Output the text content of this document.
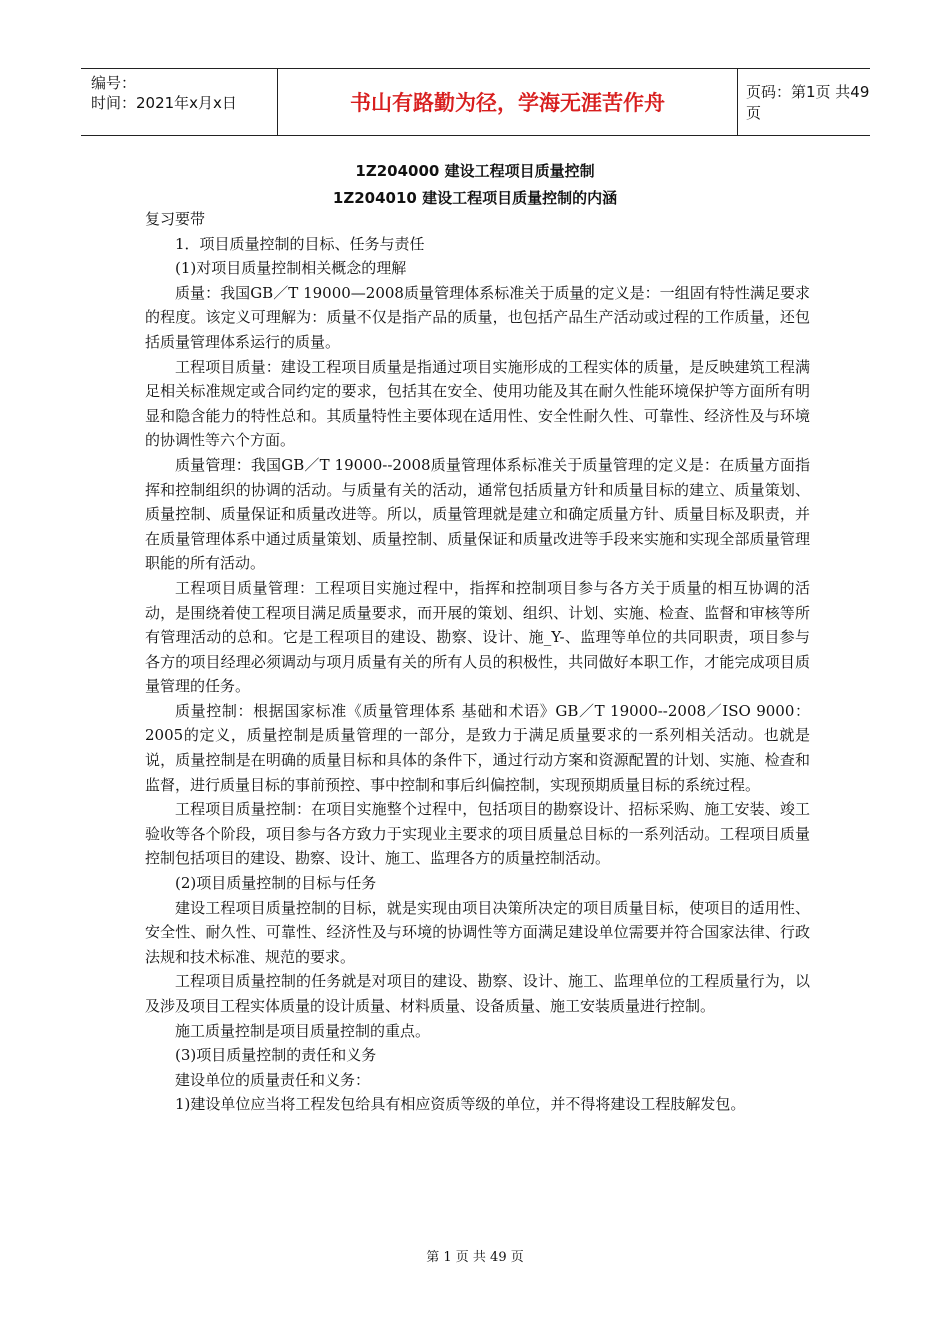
编号：
时间：2021年x月x日	书山有路勤为径，学海无涯苦作舟	页码：第1页 共49页
1Z204000 建设工程项目质量控制
1Z204010 建设工程项目质量控制的内涵

复习要带

1．项目质量控制的目标、任务与责任

(1)对项目质量控制相关概念的理解

质量：我国GB／T 19000—2008质量管理体系标准关于质量的定义是：一组固有特性满足要求的程度。该定义可理解为：质量不仅是指产品的质量，也包括产品生产活动或过程的工作质量，还包括质量管理体系运行的质量。

工程项目质量：建设工程项目质量是指通过项目实施形成的工程实体的质量，是反映建筑工程满足相关标准规定或合同约定的要求，包括其在安全、使用功能及其在耐久性能环境保护等方面所有明显和隐含能力的特性总和。其质量特性主要体现在适用性、安全性耐久性、可靠性、经济性及与环境的协调性等六个方面。

质量管理：我国GB／T 19000--2008质量管理体系标准关于质量管理的定义是：在质量方面指挥和控制组织的协调的活动。与质量有关的活动，通常包括质量方针和质量目标的建立、质量策划、质量控制、质量保证和质量改进等。所以，质量管理就是建立和确定质量方针、质量目标及职责，并在质量管理体系中通过质量策划、质量控制、质量保证和质量改进等手段来实施和实现全部质量管理职能的所有活动。

工程项目质量管理：工程项目实施过程中，指挥和控制项目参与各方关于质量的相互协调的活动，是围绕着使工程项目满足质量要求，而开展的策划、组织、计划、实施、检查、监督和审核等所有管理活动的总和。它是工程项目的建设、勘察、设计、施_Y-、监理等单位的共同职责，项目参与各方的项目经理必须调动与项月质量有关的所有人员的积极性，共同做好本职工作，才能完成项目质量管理的任务。

质量控制：根据国家标准《质量管理体系 基础和术语》GB／T 19000--2008／ISO 9000：2005的定义，质量控制是质量管理的一部分，是致力于满足质量要求的一系列相关活动。也就是说，质量控制是在明确的质量目标和具体的条件下，通过行动方案和资源配置的计划、实施、检查和监督，进行质量目标的事前预控、事中控制和事后纠偏控制，实现预期质量目标的系统过程。

工程项目质量控制：在项目实施整个过程中，包括项目的勘察设计、招标采购、施工安装、竣工验收等各个阶段，项目参与各方致力于实现业主要求的项目质量总目标的一系列活动。工程项目质量控制包括项目的建设、勘察、设计、施工、监理各方的质量控制活动。

(2)项目质量控制的目标与任务

建设工程项目质量控制的目标，就是实现由项目决策所决定的项目质量目标，使项目的适用性、安全性、耐久性、可靠性、经济性及与环境的协调性等方面满足建设单位需要并符合国家法律、行政法规和技术标准、规范的要求。

工程项目质量控制的任务就是对项目的建设、勘察、设计、施工、监理单位的工程质量行为，以及涉及项目工程实体质量的设计质量、材料质量、设备质量、施工安装质量进行控制。

施工质量控制是项目质量控制的重点。

(3)项目质量控制的责任和义务

建设单位的质量责任和义务：

1)建设单位应当将工程发包给具有相应资质等级的单位，并不得将建设工程肢解发包。

第 1 页 共 49 页
